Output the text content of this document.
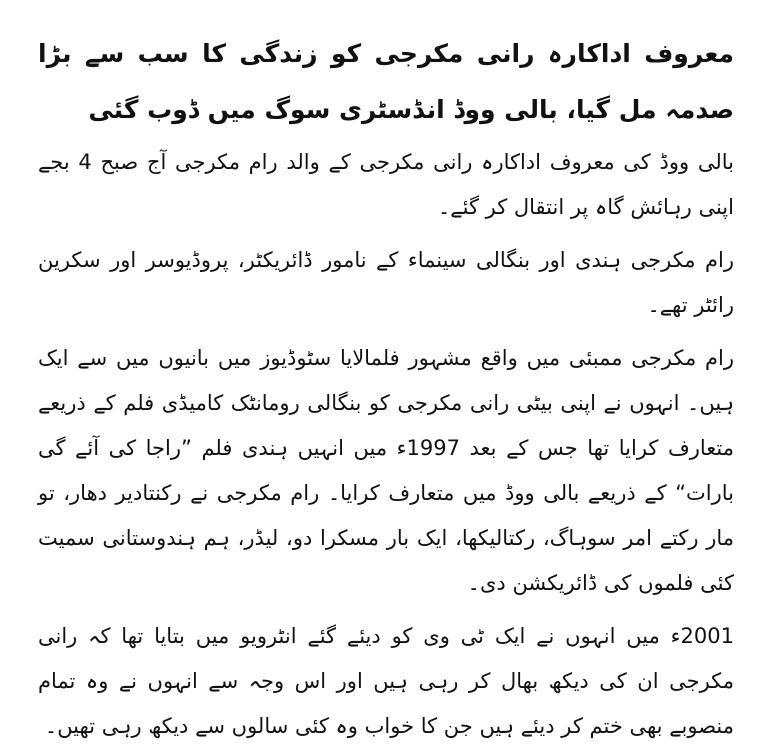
معروف اداکارہ رانی مکرجی کو زندگی کا سب سے بڑا صدمہ مل گیا، بالی ووڈ انڈسٹری سوگ میں ڈوب گئی

بالی ووڈ کی معروف اداکارہ رانی مکرجی کے والد رام مکرجی آج صبح 4 بجے اپنی رہائش گاہ پر انتقال کر گئے۔

رام مکرجی ہندی اور بنگالی سینماء کے نامور ڈائریکٹر، پروڈیوسر اور سکرین رائٹر تھے۔

رام مکرجی ممبئی میں واقع مشہور فلمالایا سٹوڈیوز میں بانیوں میں سے ایک ہیں۔ انہوں نے اپنی بیٹی رانی مکرجی کو بنگالی رومانٹک کامیڈی فلم کے ذریعے متعارف کرایا تھا جس کے بعد 1997ء میں انہیں ہندی فلم ”راجا کی آئے گی بارات“ کے ذریعے بالی ووڈ میں متعارف کرایا۔ رام مکرجی نے رکنتادیر دھار، تو مار رکتے امر سوہاگ، رکتالیکھا، ایک بار مسکرا دو، لیڈر، ہم ہندوستانی سمیت کئی فلموں کی ڈائریکشن دی۔

2001ء میں انہوں نے ایک ٹی وی کو دیئے گئے انٹرویو میں بتایا تھا کہ رانی مکرجی ان کی دیکھ بھال کر رہی ہیں اور اس وجہ سے انہوں نے وہ تمام منصوبے بھی ختم کر دیئے ہیں جن کا خواب وہ کئی سالوں سے دیکھ رہی تھیں۔
